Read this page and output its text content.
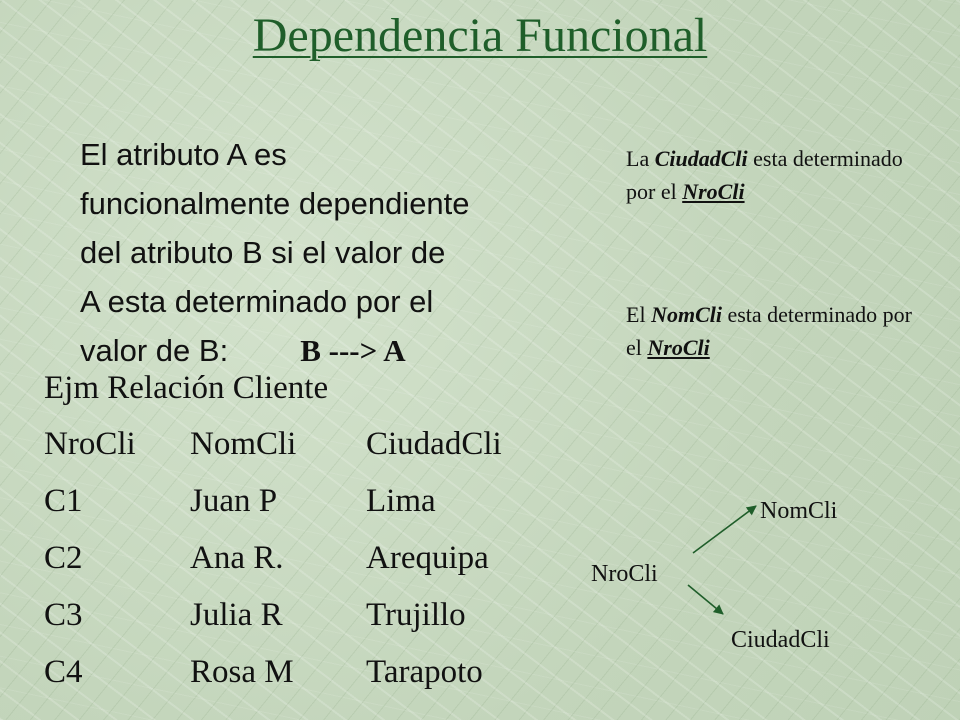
Dependencia Funcional
El atributo A es
funcionalmente dependiente
del atributo B si el valor de
A esta determinado por el
valor de B: B ---> A
Ejm Relación Cliente
NroCli	NomCli	CiudadCli
C1	Juan P	Lima
C2	Ana R.	Arequipa
C3	Julia R	Trujillo
C4	Rosa M	Tarapoto
La CiudadCli esta determinado por el NroCli
El NomCli esta determinado por el NroCli
NomCli
NroCli
CiudadCli
